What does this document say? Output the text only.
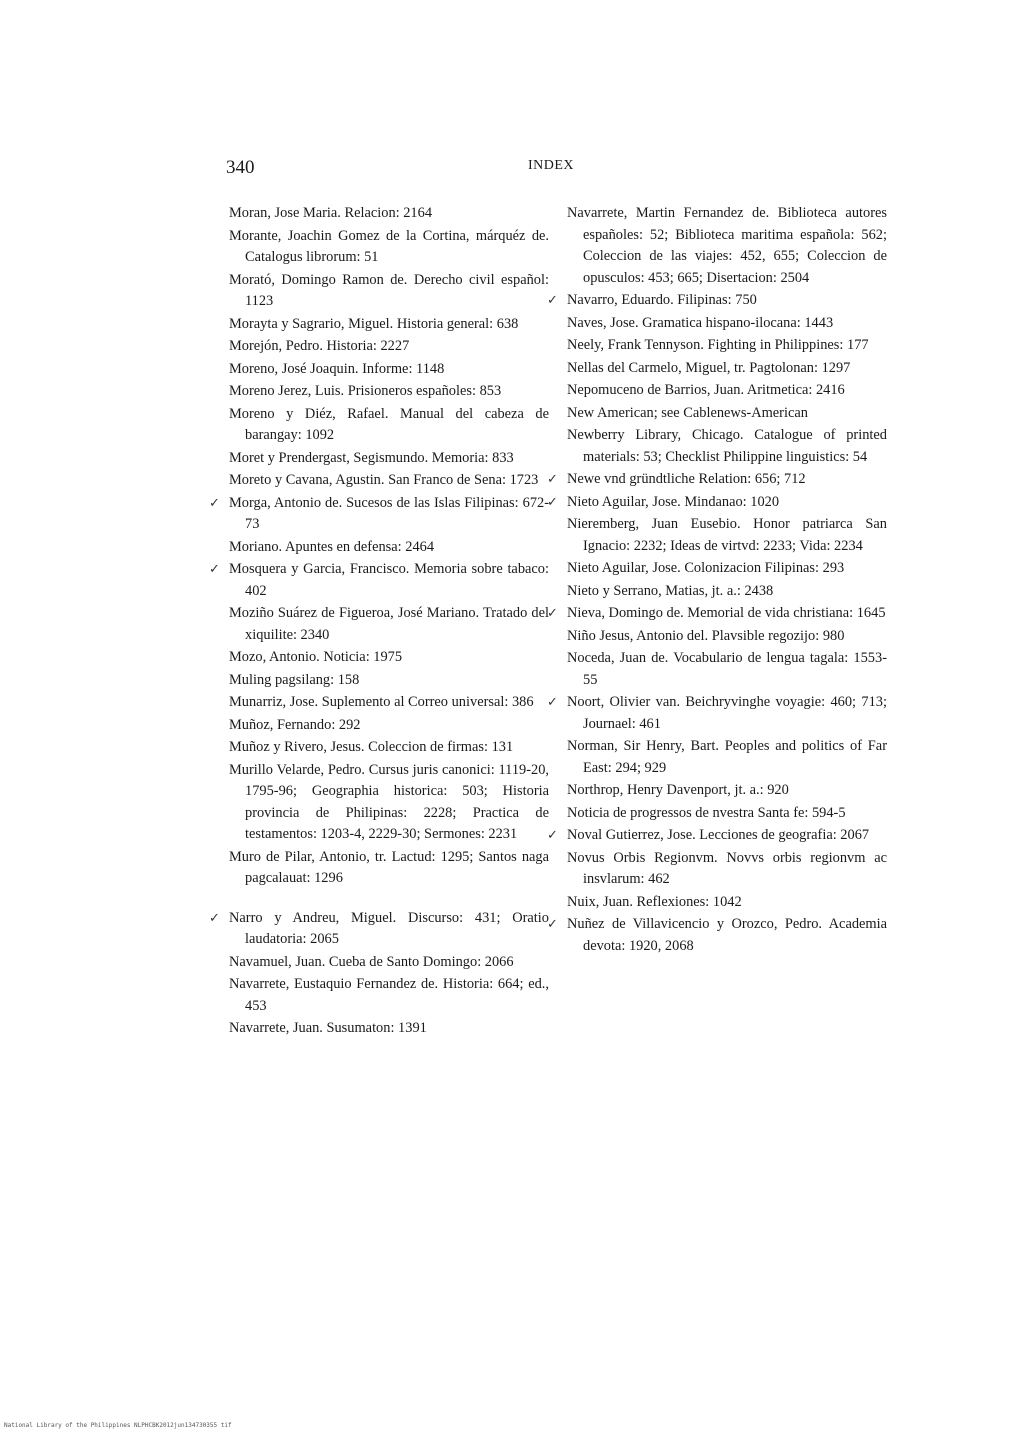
340	INDEX
Moran, Jose Maria. Relacion: 2164
Morante, Joachin Gomez de la Cortina, márquéz de. Catalogus librorum: 51
Morató, Domingo Ramon de. Derecho civil español: 1123
Morayta y Sagrario, Miguel. Historia general: 638
Morejón, Pedro. Historia: 2227
Moreno, José Joaquin. Informe: 1148
Moreno Jerez, Luis. Prisioneros españoles: 853
Moreno y Diéz, Rafael. Manual del cabeza de barangay: 1092
Moret y Prendergast, Segismundo. Memoria: 833
Moreto y Cavana, Agustin. San Franco de Sena: 1723
✓ Morga, Antonio de. Sucesos de las Islas Filipinas: 672-73
Moriano. Apuntes en defensa: 2464
✓ Mosquera y Garcia, Francisco. Memoria sobre tabaco: 402
Moziño Suárez de Figueroa, José Mariano. Tratado del xiquilite: 2340
Mozo, Antonio. Noticia: 1975
Muling pagsilang: 158
Munarriz, Jose. Suplemento al Correo universal: 386
Muñoz, Fernando: 292
Muñoz y Rivero, Jesus. Coleccion de firmas: 131
Murillo Velarde, Pedro. Cursus juris canonici: 1119-20, 1795-96; Geographia historica: 503; Historia provincia de Philipinas: 2228; Practica de testamentos: 1203-4, 2229-30; Sermones: 2231
Muro de Pilar, Antonio, tr. Lactud: 1295; Santos naga pagcalauat: 1296
✓ Narro y Andreu, Miguel. Discurso: 431; Oratio laudatoria: 2065
Navamuel, Juan. Cueba de Santo Domingo: 2066
Navarrete, Eustaquio Fernandez de. Historia: 664; ed., 453
Navarrete, Juan. Susumaton: 1391
Navarrete, Martin Fernandez de. Biblioteca autores españoles: 52; Biblioteca maritima española: 562; Coleccion de las viajes: 452, 655; Coleccion de opusculos: 453; 665; Disertacion: 2504
✓ Navarro, Eduardo. Filipinas: 750
Naves, Jose. Gramatica hispano-ilocana: 1443
Neely, Frank Tennyson. Fighting in Philippines: 177
Nellas del Carmelo, Miguel, tr. Pagtolonan: 1297
Nepomuceno de Barrios, Juan. Aritmetica: 2416
New American; see Cablenews-American
Newberry Library, Chicago. Catalogue of printed materials: 53; Checklist Philippine linguistics: 54
✓ Newe vnd gründtliche Relation: 656; 712
✓ Nieto Aguilar, Jose. Mindanao: 1020
Nieremberg, Juan Eusebio. Honor patriarca San Ignacio: 2232; Ideas de virtvd: 2233; Vida: 2234
Nieto Aguilar, Jose. Colonizacion Filipinas: 293
Nieto y Serrano, Matias, jt. a.: 2438
✓ Nieva, Domingo de. Memorial de vida christiana: 1645
Niño Jesus, Antonio del. Plavsible regozijo: 980
Noceda, Juan de. Vocabulario de lengua tagala: 1553-55
✓ Noort, Olivier van. Beichryvinghe voyagie: 460; 713; Journael: 461
Norman, Sir Henry, Bart. Peoples and politics of Far East: 294; 929
Northrop, Henry Davenport, jt. a.: 920
Noticia de progressos de nvestra Santa fe: 594-5
✓ Noval Gutierrez, Jose. Lecciones de geografia: 2067
Novus Orbis Regionvm. Novvs orbis regionvm ac insvlarum: 462
Nuix, Juan. Reflexiones: 1042
✓ Nuñez de Villavicencio y Orozco, Pedro. Academia devota: 1920, 2068
National Library of the Philippines NLPHCBK2012jun134730355 tif
